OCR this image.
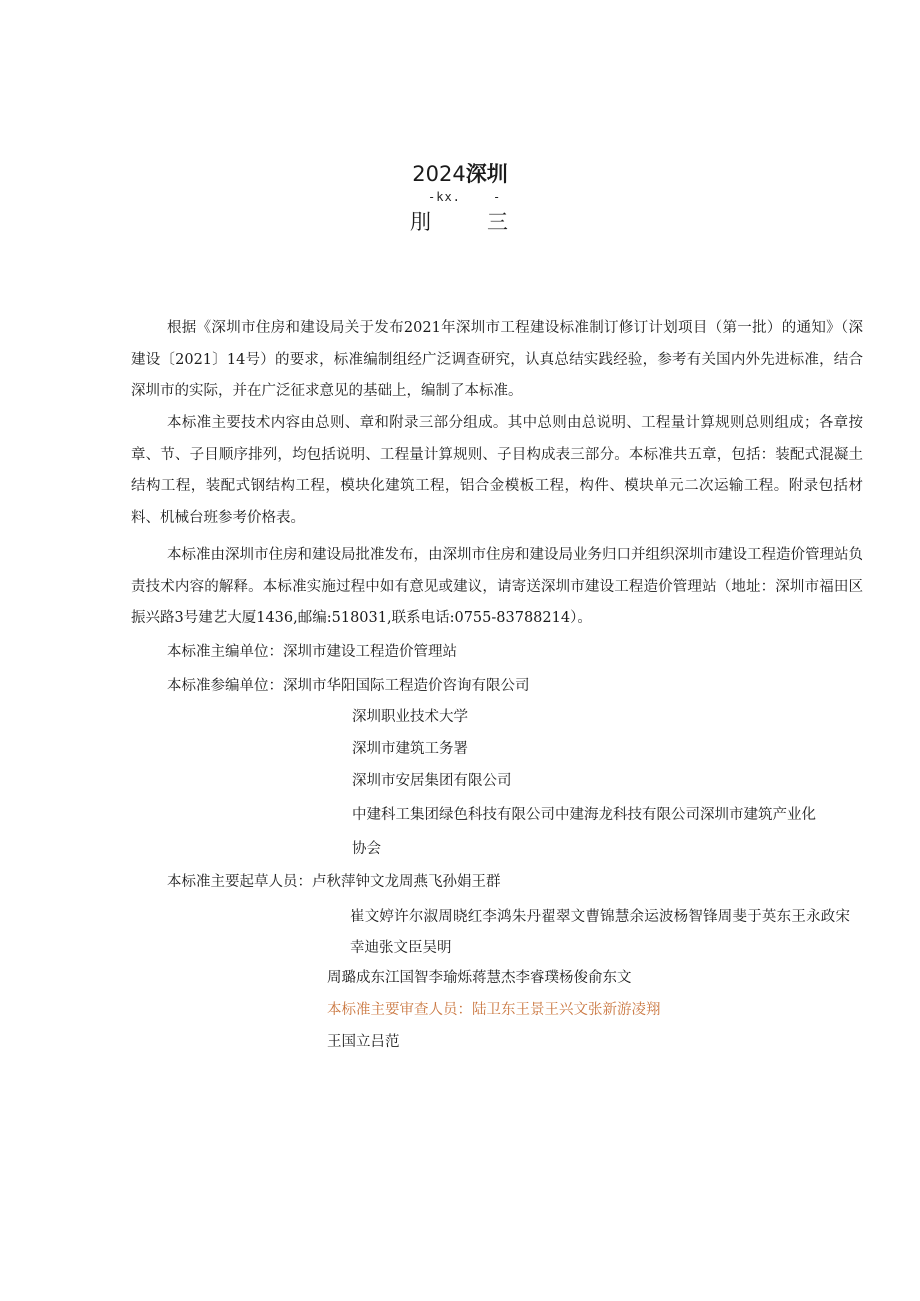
2024深圳
-kx.	-
刖	三

根据《深圳市住房和建设局关于发布2021年深圳市工程建设标准制订修订计划项目（第一批）的通知》（深建设〔2021〕14号）的要求，标准编制组经广泛调查研究，认真总结实践经验，参考有关国内外先进标准，结合深圳市的实际，并在广泛征求意见的基础上，编制了本标准。

本标准主要技术内容由总则、章和附录三部分组成。其中总则由总说明、工程量计算规则总则组成；各章按章、节、子目顺序排列，均包括说明、工程量计算规则、子目构成表三部分。本标准共五章，包括：装配式混凝土结构工程，装配式钢结构工程，模块化建筑工程，铝合金模板工程，构件、模块单元二次运输工程。附录包括材料、机械台班参考价格表。

本标准由深圳市住房和建设局批准发布，由深圳市住房和建设局业务归口并组织深圳市建设工程造价管理站负责技术内容的解释。本标准实施过程中如有意见或建议，请寄送深圳市建设工程造价管理站（地址：深圳市福田区振兴路3号建艺大厦1436,邮编:518031,联系电话:0755-83788214）。

本标准主编单位：深圳市建设工程造价管理站
本标准参编单位：深圳市华阳国际工程造价咨询有限公司
深圳职业技术大学
深圳市建筑工务署
深圳市安居集团有限公司
中建科工集团绿色科技有限公司中建海龙科技有限公司深圳市建筑产业化
协会
本标准主要起草人员：卢秋萍钟文龙周燕飞孙娟王群

崔文婷许尔淑周晓红李鸿朱丹翟翠文曹锦慧余运波杨智锋周斐于英东王永政宋幸迪张文臣吴明

周璐成东江国智李瑜烁蒋慧杰李睿璞杨俊俞东文
本标准主要审查人员：陆卫东王景王兴文张新游凌翔
王国立吕范
